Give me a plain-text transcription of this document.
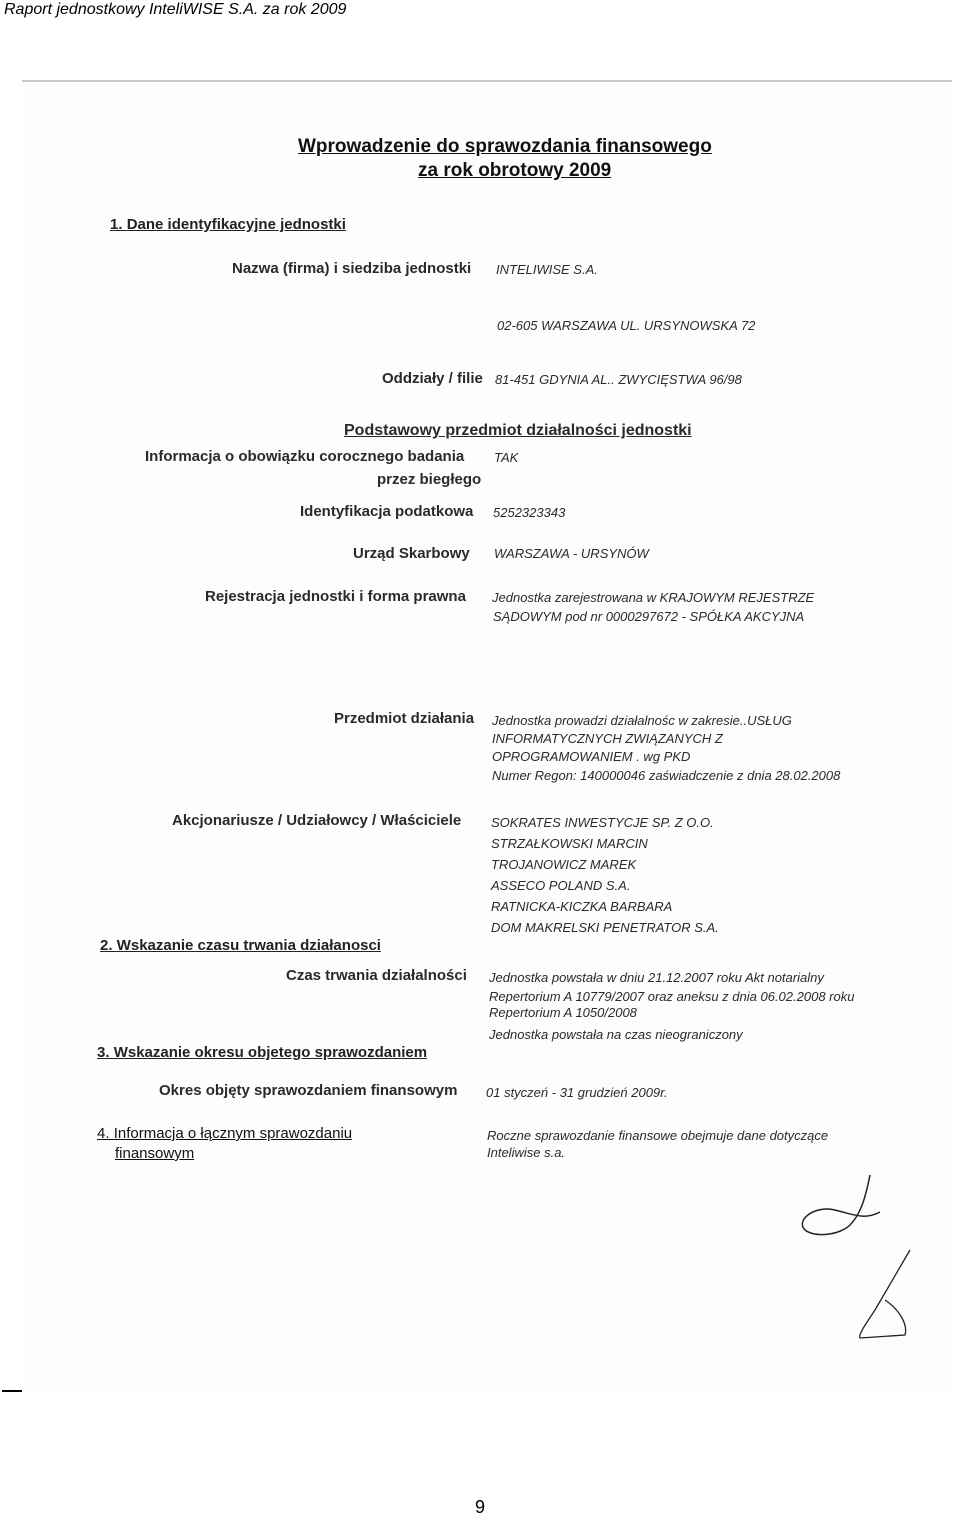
Raport jednostkowy InteliWISE S.A. za rok 2009
Wprowadzenie do sprawozdania finansowego
za rok obrotowy 2009
1. Dane identyfikacyjne jednostki
Nazwa (firma) i siedziba jednostki INTELIWISE S.A.
02-605 WARSZAWA UL. URSYNOWSKA 72
Oddziały / filie 81-451 GDYNIA AL.. ZWYCIĘSTWA 96/98
Podstawowy przedmiot działalności jednostki
Informacja o obowiązku corocznego badania TAK
przez biegłego
Identyfikacja podatkowa 5252323343
Urząd Skarbowy WARSZAWA - URSYNÓW
Rejestracja jednostki i forma prawna Jednostka zarejestrowana w KRAJOWYM REJESTRZE
SĄDOWYM pod nr 0000297672 - SPÓŁKA AKCYJNA
Przedmiot działania Jednostka prowadzi działalnośc w zakresie..USŁUG
INFORMATYCZNYCH ZWIĄZANYCH Z
OPROGRAMOWANIEM . wg PKD
Numer Regon: 140000046 zaświadczenie z dnia 28.02.2008
Akcjonariusze / Udziałowcy / Właściciele SOKRATES INWESTYCJE SP. Z O.O.
STRZAŁKOWSKI MARCIN
TROJANOWICZ MAREK
ASSECO POLAND S.A.
RATNICKA-KICZKA BARBARA
DOM MAKRELSKI PENETRATOR S.A.
2. Wskazanie czasu trwania działanosci
Czas trwania działalności Jednostka powstała w dniu 21.12.2007 roku Akt notarialny
Repertorium A 10779/2007 oraz aneksu z dnia 06.02.2008 roku
Repertorium A 1050/2008
Jednostka powstała na czas nieograniczony
3. Wskazanie okresu objetego sprawozdaniem
Okres objęty sprawozdaniem finansowym 01 styczeń - 31 grudzień 2009r.
4. Informacja o łącznym sprawozdaniu
finansowym
Roczne sprawozdanie finansowe obejmuje dane dotyczące
Inteliwise s.a.
9
